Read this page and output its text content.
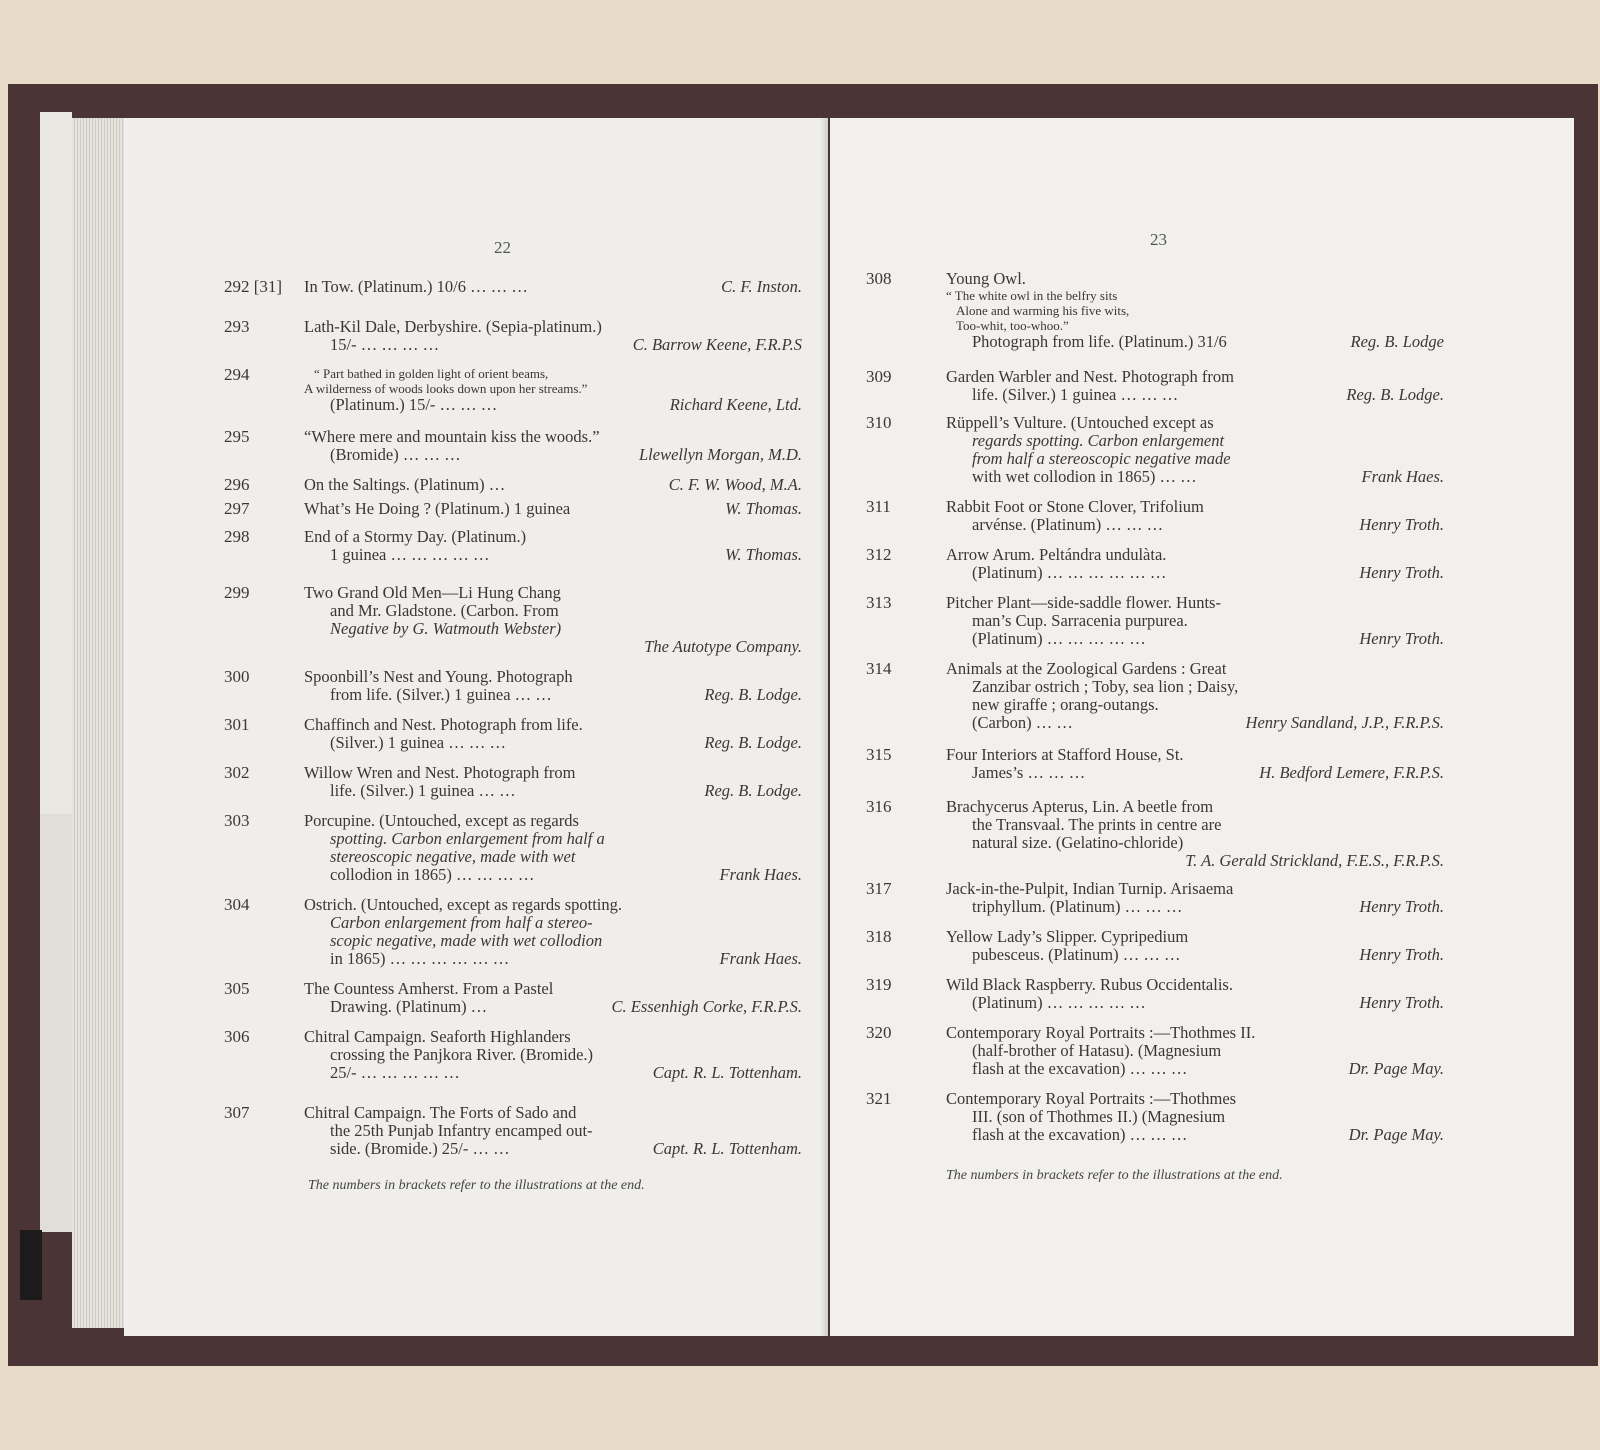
22
292 [31] In Tow. (Platinum.) 10/6 … … …	C. F. Inston.
293	Lath-Kil Dale, Derbyshire. (Sepia-platinum.)
15/- … … … …	C. Barrow Keene, F.R.P.S
294	“ Part bathed in golden light of orient beams,
A wilderness of woods looks down upon her streams.”
(Platinum.) 15/- … … …	Richard Keene, Ltd.
295	“Where mere and mountain kiss the woods.”
(Bromide) … … …	Llewellyn Morgan, M.D.
296	On the Saltings. (Platinum) …	C. F. W. Wood, M.A.
297	What’s He Doing ? (Platinum.) 1 guinea	W. Thomas.
298	End of a Stormy Day. (Platinum.)
1 guinea … … … … …	W. Thomas.
299	Two Grand Old Men—Li Hung Chang
and Mr. Gladstone. (Carbon. From
Negative by G. Watmouth Webster)
The Autotype Company.
300	Spoonbill’s Nest and Young. Photograph
from life. (Silver.) 1 guinea … …	Reg. B. Lodge.
301	Chaffinch and Nest. Photograph from life.
(Silver.) 1 guinea … … …	Reg. B. Lodge.
302	Willow Wren and Nest. Photograph from
life. (Silver.) 1 guinea … …	Reg. B. Lodge.
303	Porcupine. (Untouched, except as regards
spotting. Carbon enlargement from half a
stereoscopic negative, made with wet
collodion in 1865) … … … …	Frank Haes.
304	Ostrich. (Untouched, except as regards spotting.
Carbon enlargement from half a stereo-
scopic negative, made with wet collodion
in 1865) … … … … … …	Frank Haes.
305	The Countess Amherst. From a Pastel
Drawing. (Platinum) …	C. Essenhigh Corke, F.R.P.S.
306	Chitral Campaign. Seaforth Highlanders
crossing the Panjkora River. (Bromide.)
25/- … … … … …	Capt. R. L. Tottenham.
307	Chitral Campaign. The Forts of Sado and
the 25th Punjab Infantry encamped out-
side. (Bromide.) 25/- … …	Capt. R. L. Tottenham.
The numbers in brackets refer to the illustrations at the end.
23
308	Young Owl.
“ The white owl in the belfry sits
Alone and warming his five wits,
Too-whit, too-whoo.”
Photograph from life. (Platinum.) 31/6	Reg. B. Lodge
309	Garden Warbler and Nest. Photograph from
life. (Silver.) 1 guinea … … …	Reg. B. Lodge.
310	Rüppell’s Vulture. (Untouched except as
regards spotting. Carbon enlargement
from half a stereoscopic negative made
with wet collodion in 1865) … …	Frank Haes.
311	Rabbit Foot or Stone Clover, Trifolium
arvénse. (Platinum) … … …	Henry Troth.
312	Arrow Arum. Peltándra undulàta.
(Platinum) … … … … … …	Henry Troth.
313	Pitcher Plant—side-saddle flower. Hunts-
man’s Cup. Sarracenia purpurea.
(Platinum) … … … … …	Henry Troth.
314	Animals at the Zoological Gardens : Great
Zanzibar ostrich ; Toby, sea lion ; Daisy,
new giraffe ; orang-outangs.
(Carbon) … …	Henry Sandland, J.P., F.R.P.S.
315	Four Interiors at Stafford House, St.
James’s … … …	H. Bedford Lemere, F.R.P.S.
316	Brachycerus Apterus, Lin. A beetle from
the Transvaal. The prints in centre are
natural size. (Gelatino-chloride)
T. A. Gerald Strickland, F.E.S., F.R.P.S.
317	Jack-in-the-Pulpit, Indian Turnip. Arisaema
triphyllum. (Platinum) … … …	Henry Troth.
318	Yellow Lady’s Slipper. Cypripedium
pubesceus. (Platinum) … … …	Henry Troth.
319	Wild Black Raspberry. Rubus Occidentalis.
(Platinum) … … … … …	Henry Troth.
320	Contemporary Royal Portraits :—Thothmes II.
(half-brother of Hatasu). (Magnesium
flash at the excavation) … … …	Dr. Page May.
321	Contemporary Royal Portraits :—Thothmes
III. (son of Thothmes II.) (Magnesium
flash at the excavation) … … …	Dr. Page May.
The numbers in brackets refer to the illustrations at the end.
